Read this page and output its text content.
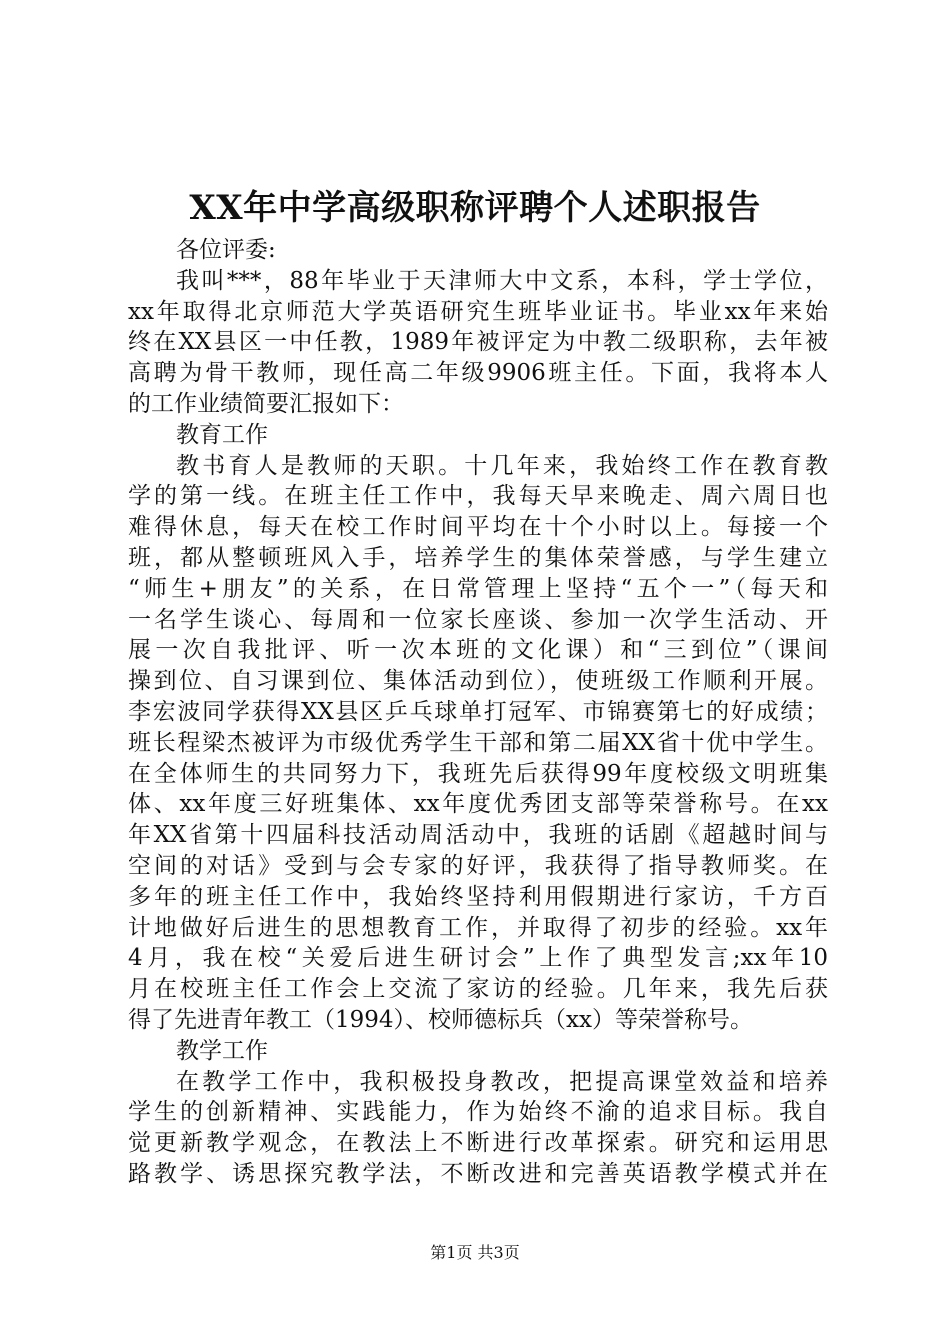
XX年中学高级职称评聘个人述职报告
各位评委:
我叫***，88年毕业于天津师大中文系，本科，学士学位，
xx年取得北京师范大学英语研究生班毕业证书。毕业xx年来始
终在XX县区一中任教，1989年被评定为中教二级职称，去年被
高聘为骨干教师，现任高二年级9906班主任。下面，我将本人
的工作业绩简要汇报如下：
教育工作
教书育人是教师的天职。十几年来，我始终工作在教育教
学的第一线。在班主任工作中，我每天早来晚走、周六周日也
难得休息，每天在校工作时间平均在十个小时以上。每接一个
班，都从整顿班风入手，培养学生的集体荣誉感，与学生建立
“师生+朋友”的关系，在日常管理上坚持“五个一”（每天和
一名学生谈心、每周和一位家长座谈、参加一次学生活动、开
展一次自我批评、听一次本班的文化课）和“三到位”（课间
操到位、自习课到位、集体活动到位），使班级工作顺利开展。
李宏波同学获得XX县区乒乓球单打冠军、市锦赛第七的好成绩；
班长程梁杰被评为市级优秀学生干部和第二届XX省十优中学生。
在全体师生的共同努力下，我班先后获得99年度校级文明班集
体、xx年度三好班集体、xx年度优秀团支部等荣誉称号。在xx
年XX省第十四届科技活动周活动中，我班的话剧《超越时间与
空间的对话》受到与会专家的好评，我获得了指导教师奖。在
多年的班主任工作中，我始终坚持利用假期进行家访，千方百
计地做好后进生的思想教育工作，并取得了初步的经验。xx年
4月，我在校“关爱后进生研讨会”上作了典型发言;xx年10
月在校班主任工作会上交流了家访的经验。几年来，我先后获
得了先进青年教工（1994）、校师德标兵（xx）等荣誉称号。
教学工作
在教学工作中，我积极投身教改，把提高课堂效益和培养
学生的创新精神、实践能力，作为始终不渝的追求目标。我自
觉更新教学观念，在教法上不断进行改革探索。研究和运用思
路教学、诱思探究教学法，不断改进和完善英语教学模式并在
第1页 共3页
